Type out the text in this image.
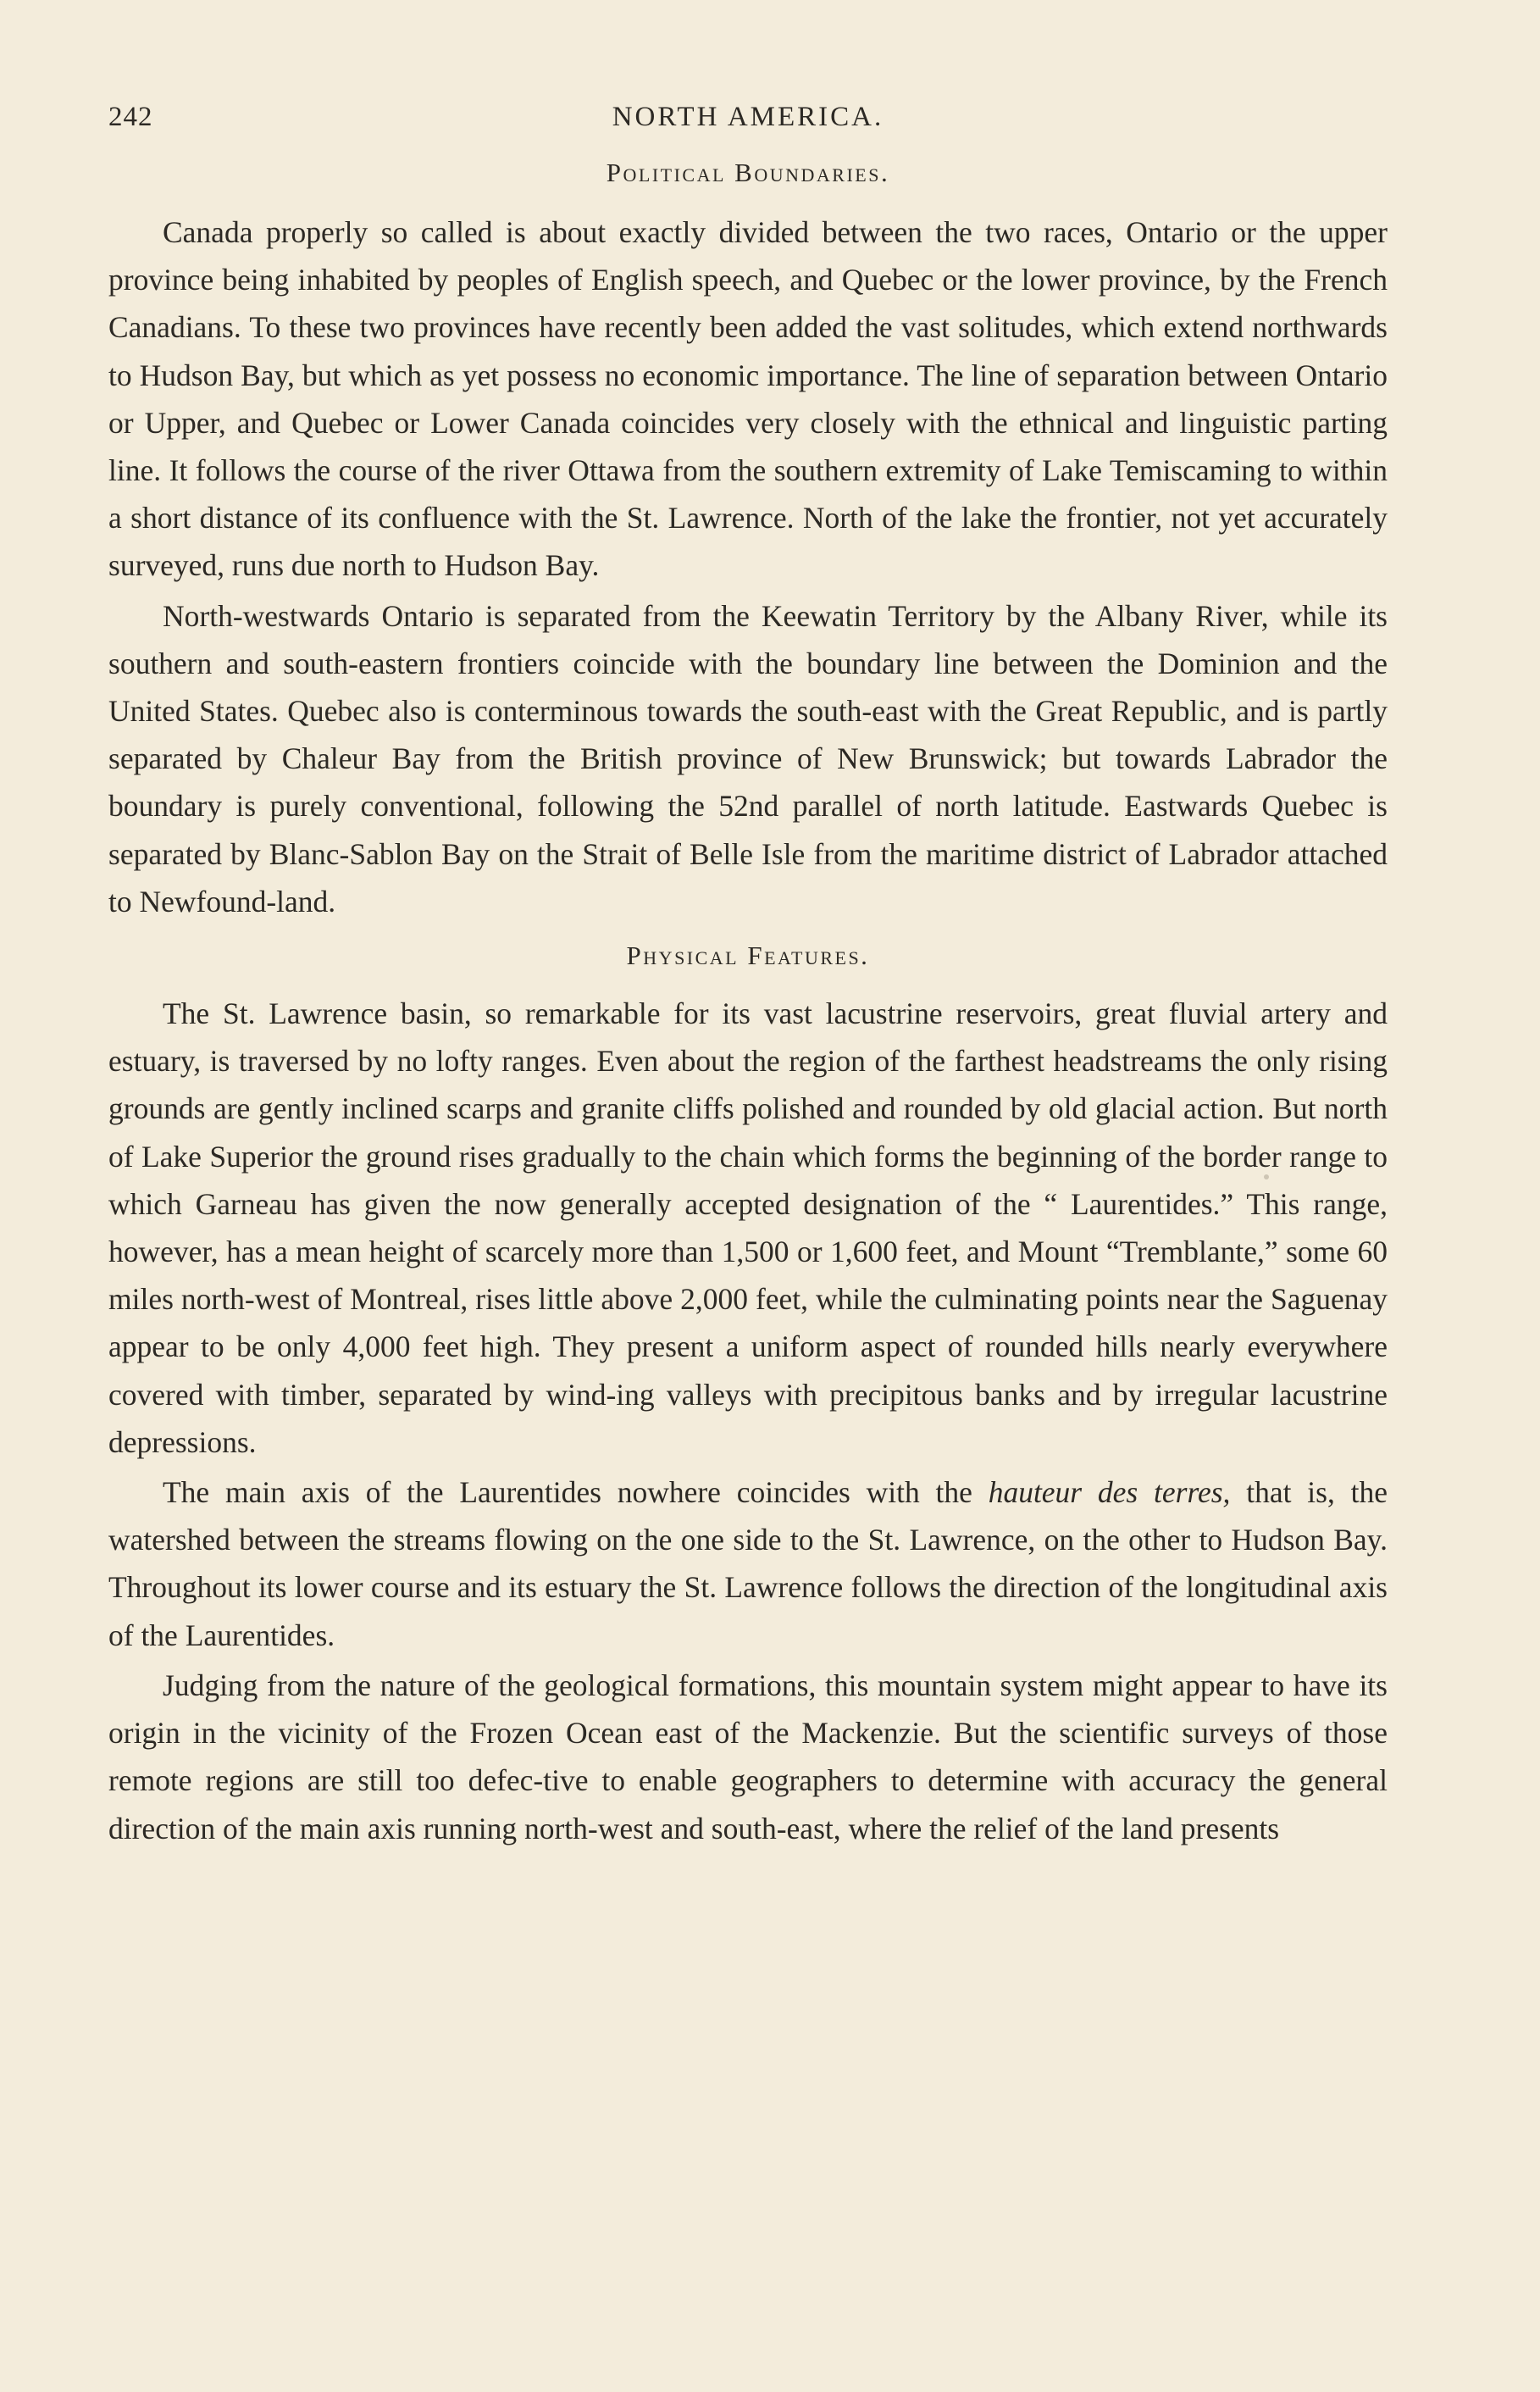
242	NORTH AMERICA.
Political Boundaries.

Canada properly so called is about exactly divided between the two races, Ontario or the upper province being inhabited by peoples of English speech, and Quebec or the lower province, by the French Canadians. To these two provinces have recently been added the vast solitudes, which extend northwards to Hudson Bay, but which as yet possess no economic importance. The line of separation between Ontario or Upper, and Quebec or Lower Canada coincides very closely with the ethnical and linguistic parting line. It follows the course of the river Ottawa from the southern extremity of Lake Temiscaming to within a short distance of its confluence with the St. Lawrence. North of the lake the frontier, not yet accurately surveyed, runs due north to Hudson Bay.

North-westwards Ontario is separated from the Keewatin Territory by the Albany River, while its southern and south-eastern frontiers coincide with the boundary line between the Dominion and the United States. Quebec also is conterminous towards the south-east with the Great Republic, and is partly separated by Chaleur Bay from the British province of New Brunswick; but towards Labrador the boundary is purely conventional, following the 52nd parallel of north latitude. Eastwards Quebec is separated by Blanc-Sablon Bay on the Strait of Belle Isle from the maritime district of Labrador attached to Newfound-land.

Physical Features.

The St. Lawrence basin, so remarkable for its vast lacustrine reservoirs, great fluvial artery and estuary, is traversed by no lofty ranges. Even about the region of the farthest headstreams the only rising grounds are gently inclined scarps and granite cliffs polished and rounded by old glacial action. But north of Lake Superior the ground rises gradually to the chain which forms the beginning of the border range to which Garneau has given the now generally accepted designation of the “ Laurentides.” This range, however, has a mean height of scarcely more than 1,500 or 1,600 feet, and Mount “Tremblante,” some 60 miles north-west of Montreal, rises little above 2,000 feet, while the culminating points near the Saguenay appear to be only 4,000 feet high. They present a uniform aspect of rounded hills nearly everywhere covered with timber, separated by wind-ing valleys with precipitous banks and by irregular lacustrine depressions.

The main axis of the Laurentides nowhere coincides with the hauteur des terres, that is, the watershed between the streams flowing on the one side to the St. Lawrence, on the other to Hudson Bay. Throughout its lower course and its estuary the St. Lawrence follows the direction of the longitudinal axis of the Laurentides.

Judging from the nature of the geological formations, this mountain system might appear to have its origin in the vicinity of the Frozen Ocean east of the Mackenzie. But the scientific surveys of those remote regions are still too defec-tive to enable geographers to determine with accuracy the general direction of the main axis running north-west and south-east, where the relief of the land presents
